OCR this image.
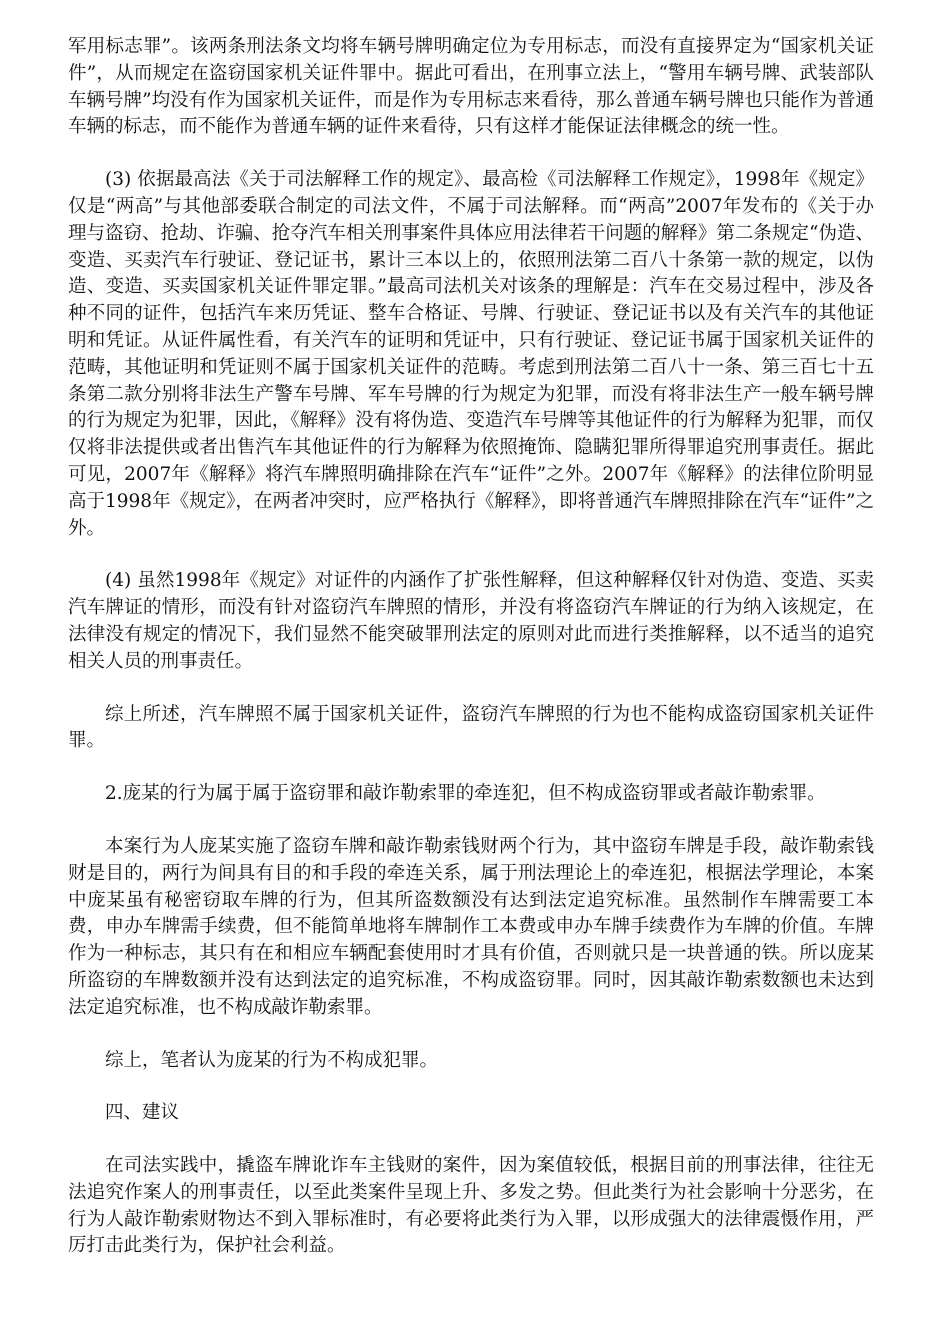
军用标志罪”。该两条刑法条文均将车辆号牌明确定位为专用标志，而没有直接界定为“国家机关证件”，从而规定在盗窃国家机关证件罪中。据此可看出，在刑事立法上，“警用车辆号牌、武装部队车辆号牌”均没有作为国家机关证件，而是作为专用标志来看待，那么普通车辆号牌也只能作为普通车辆的标志，而不能作为普通车辆的证件来看待，只有这样才能保证法律概念的统一性。

(3) 依据最高法《关于司法解释工作的规定》、最高检《司法解释工作规定》，1998年《规定》仅是“两高”与其他部委联合制定的司法文件，不属于司法解释。而“两高”2007年发布的《关于办理与盗窃、抢劫、诈骗、抢夺汽车相关刑事案件具体应用法律若干问题的解释》第二条规定“伪造、变造、买卖汽车行驶证、登记证书，累计三本以上的，依照刑法第二百八十条第一款的规定，以伪造、变造、买卖国家机关证件罪定罪。”最高司法机关对该条的理解是：汽车在交易过程中，涉及各种不同的证件，包括汽车来历凭证、整车合格证、号牌、行驶证、登记证书以及有关汽车的其他证明和凭证。从证件属性看，有关汽车的证明和凭证中，只有行驶证、登记证书属于国家机关证件的范畴，其他证明和凭证则不属于国家机关证件的范畴。考虑到刑法第二百八十一条、第三百七十五条第二款分别将非法生产警车号牌、军车号牌的行为规定为犯罪，而没有将非法生产一般车辆号牌的行为规定为犯罪，因此，《解释》没有将伪造、变造汽车号牌等其他证件的行为解释为犯罪，而仅仅将非法提供或者出售汽车其他证件的行为解释为依照掩饰、隐瞒犯罪所得罪追究刑事责任。据此可见，2007年《解释》将汽车牌照明确排除在汽车“证件”之外。2007年《解释》的法律位阶明显高于1998年《规定》，在两者冲突时，应严格执行《解释》，即将普通汽车牌照排除在汽车“证件”之外。

(4) 虽然1998年《规定》对证件的内涵作了扩张性解释，但这种解释仅针对伪造、变造、买卖汽车牌证的情形，而没有针对盗窃汽车牌照的情形，并没有将盗窃汽车牌证的行为纳入该规定，在法律没有规定的情况下，我们显然不能突破罪刑法定的原则对此而进行类推解释，以不适当的追究相关人员的刑事责任。

综上所述，汽车牌照不属于国家机关证件，盗窃汽车牌照的行为也不能构成盗窃国家机关证件罪。

2.庞某的行为属于属于盗窃罪和敲诈勒索罪的牵连犯，但不构成盗窃罪或者敲诈勒索罪。

本案行为人庞某实施了盗窃车牌和敲诈勒索钱财两个行为，其中盗窃车牌是手段，敲诈勒索钱财是目的，两行为间具有目的和手段的牵连关系，属于刑法理论上的牵连犯，根据法学理论，本案中庞某虽有秘密窃取车牌的行为，但其所盗数额没有达到法定追究标准。虽然制作车牌需要工本费，申办车牌需手续费，但不能简单地将车牌制作工本费或申办车牌手续费作为车牌的价值。车牌作为一种标志，其只有在和相应车辆配套使用时才具有价值，否则就只是一块普通的铁。所以庞某所盗窃的车牌数额并没有达到法定的追究标准，不构成盗窃罪。同时，因其敲诈勒索数额也未达到法定追究标准，也不构成敲诈勒索罪。

综上，笔者认为庞某的行为不构成犯罪。

四、建议

在司法实践中，撬盗车牌讹诈车主钱财的案件，因为案值较低，根据目前的刑事法律，往往无法追究作案人的刑事责任，以至此类案件呈现上升、多发之势。但此类行为社会影响十分恶劣，在行为人敲诈勒索财物达不到入罪标准时，有必要将此类行为入罪，以形成强大的法律震慑作用，严厉打击此类行为，保护社会利益。
